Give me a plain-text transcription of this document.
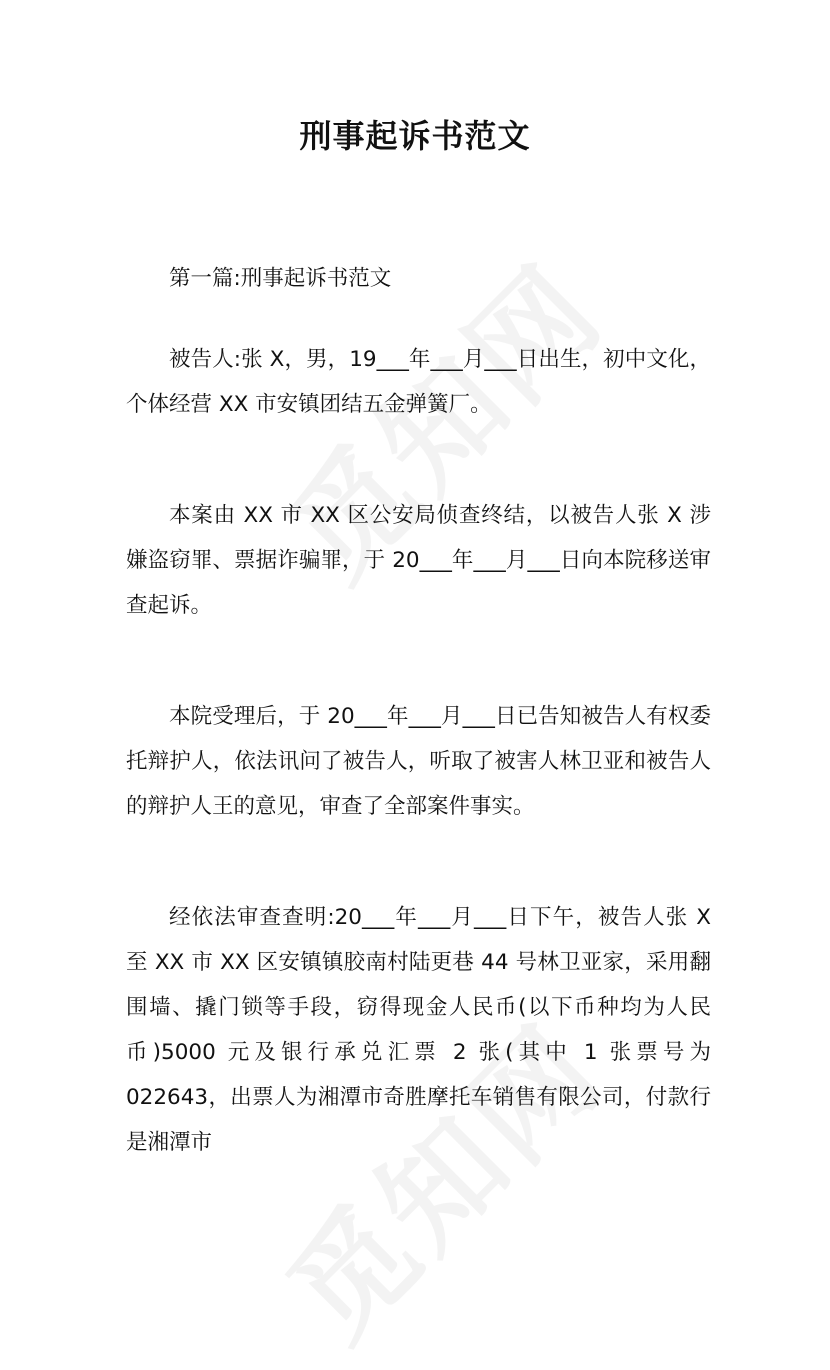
刑事起诉书范文

第一篇:刑事起诉书范文

被告人:张 X，男，19___年___月___日出生，初中文化，个体经营 XX 市安镇团结五金弹簧厂。

本案由 XX 市 XX 区公安局侦查终结，以被告人张 X 涉嫌盗窃罪、票据诈骗罪，于 20___年___月___日向本院移送审查起诉。

本院受理后，于 20___年___月___日已告知被告人有权委托辩护人，依法讯问了被告人，听取了被害人林卫亚和被告人的辩护人王的意见，审查了全部案件事实。

经依法审查查明:20___年___月___日下午，被告人张 X 至 XX 市 XX 区安镇镇胶南村陆更巷 44 号林卫亚家，采用翻围墙、撬门锁等手段，窃得现金人民币(以下币种均为人民币)5000 元及银行承兑汇票 2 张(其中 1 张票号为 022643，出票人为湘潭市奇胜摩托车销售有限公司，付款行是湘潭市
